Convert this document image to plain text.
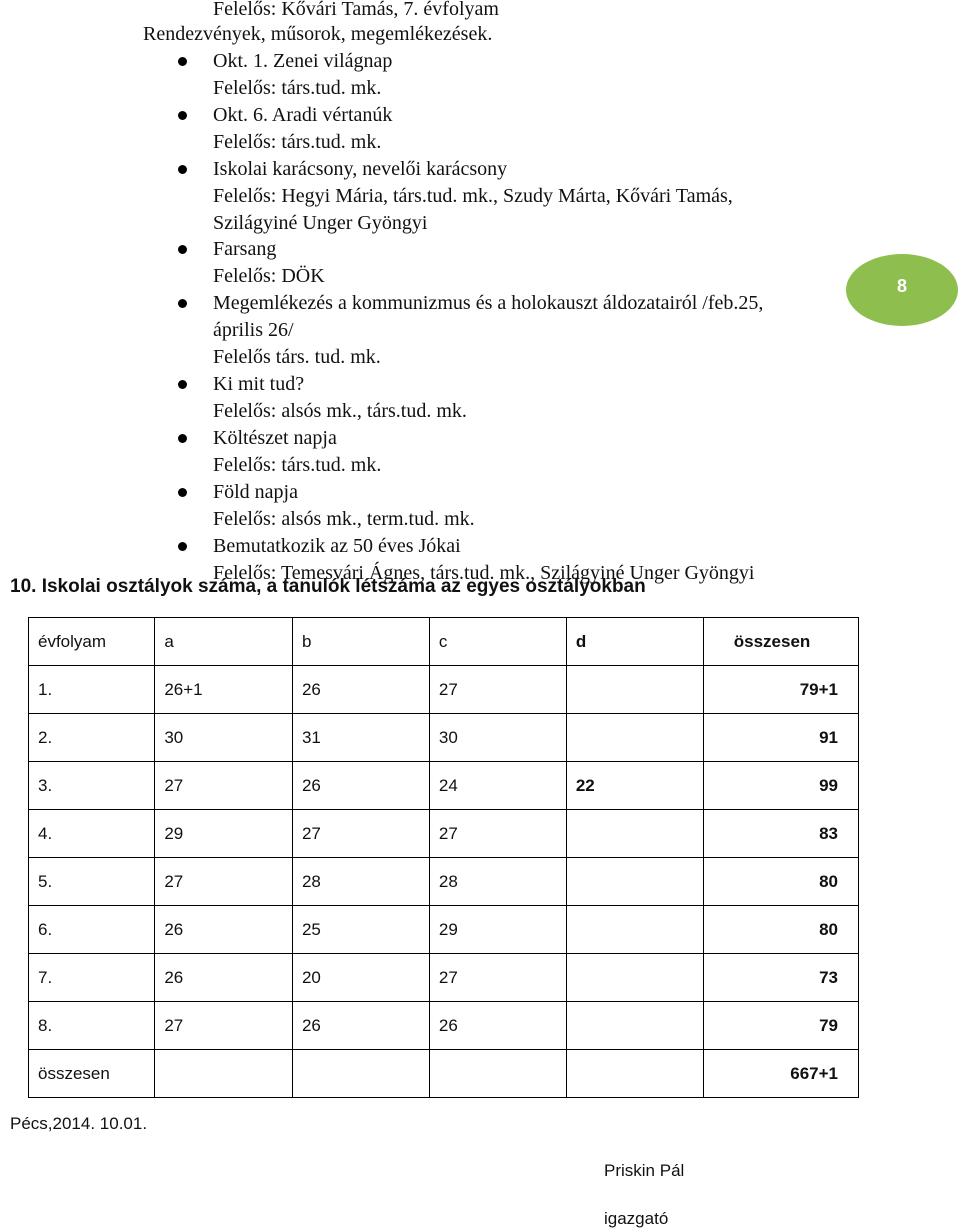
Felelős: Kővári Tamás, 7. évfolyam
Rendezvények, műsorok, megemlékezések.
Okt. 1. Zenei világnap
Felelős: társ.tud. mk.
Okt. 6. Aradi vértanúk
Felelős: társ.tud. mk.
Iskolai karácsony, nevelői karácsony
Felelős: Hegyi Mária, társ.tud. mk., Szudy Márta, Kővári Tamás,
Szilágyiné Unger Gyöngyi
Farsang
Felelős: DÖK
Megemlékezés a kommunizmus és a holokauszt áldozatairól /feb.25,
április 26/
Felelős társ. tud. mk.
Ki mit tud?
Felelős: alsós mk., társ.tud. mk.
Költészet napja
Felelős: társ.tud. mk.
Föld napja
Felelős: alsós mk., term.tud. mk.
Bemutatkozik az 50 éves Jókai
Felelős: Temesvári Ágnes, társ.tud. mk., Szilágyiné Unger Gyöngyi
8
10. Iskolai osztályok száma, a tanulók létszáma az egyes osztályokban
évfolyam	a	b	c	d	összesen
1.	26+1	26	27		79+1
2.	30	31	30		91
3.	27	26	24	22	99
4.	29	27	27		83
5.	27	28	28		80
6.	26	25	29		80
7.	26	20	27		73
8.	27	26	26		79
összesen					667+1
Pécs,2014. 10.01.
Priskin Pál
igazgató
